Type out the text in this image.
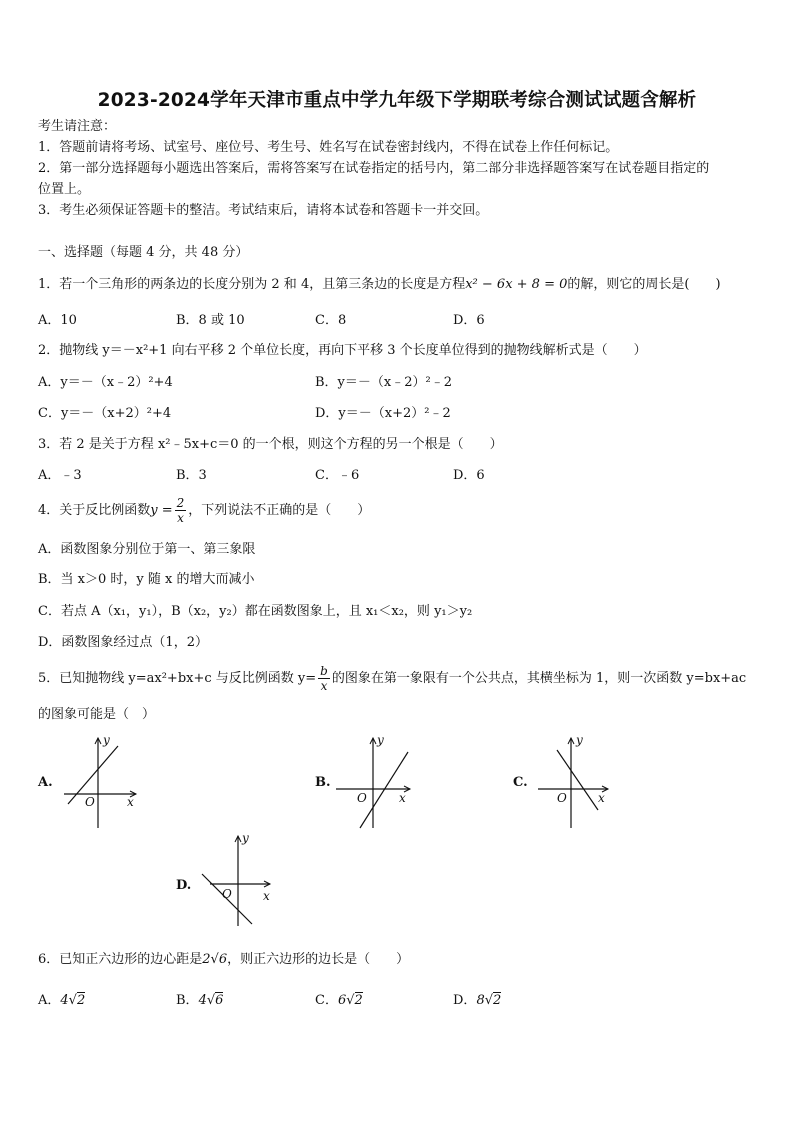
2023-2024学年天津市重点中学九年级下学期联考综合测试试题含解析
考生请注意：
1．答题前请将考场、试室号、座位号、考生号、姓名写在试卷密封线内，不得在试卷上作任何标记。
2．第一部分选择题每小题选出答案后，需将答案写在试卷指定的括号内，第二部分非选择题答案写在试卷题目指定的
位置上。
3．考生必须保证答题卡的整洁。考试结束后，请将本试卷和答题卡一并交回。
一、选择题（每题 4 分，共 48 分）
1．若一个三角形的两条边的长度分别为 2 和 4，且第三条边的长度是方程x² − 6x + 8 = 0的解，则它的周长是(　　)
A．10	B．8 或 10	C．8	D．6
2．抛物线 y＝－x²+1 向右平移 2 个单位长度，再向下平移 3 个长度单位得到的抛物线解析式是（　　）
A．y＝－（x﹣2）²+4	B．y＝－（x﹣2）²﹣2
C．y＝－（x+2）²+4	D．y＝－（x+2）²﹣2
3．若 2 是关于方程 x²﹣5x+c＝0 的一个根，则这个方程的另一个根是（　　）
A．﹣3	B．3	C．﹣6	D．6
4．关于反比例函数$y = \frac{2}{x}$ ，下列说法不正确的是（　　）
A．函数图象分别位于第一、第三象限
B．当 x＞0 时，y 随 x 的增大而减小
C．若点 A（x₁，y₁），B（x₂，y₂）都在函数图象上，且 x₁＜x₂，则 y₁＞y₂
D．函数图象经过点（1，2）
5．已知抛物线 y=ax²+bx+c 与反比例函数 $y= \frac{b}{x}$ 的图象在第一象限有一个公共点，其横坐标为 1，则一次函数 y=bx+ac
的图象可能是（　）
A.
y
x
O
B.
y
x
O
C.
y
x
O
D.
y
x
O
6．已知正六边形的边心距是2√6，则正六边形的边长是（　　）
A．4√2	B．4√6	C．6√2	D．8√2
